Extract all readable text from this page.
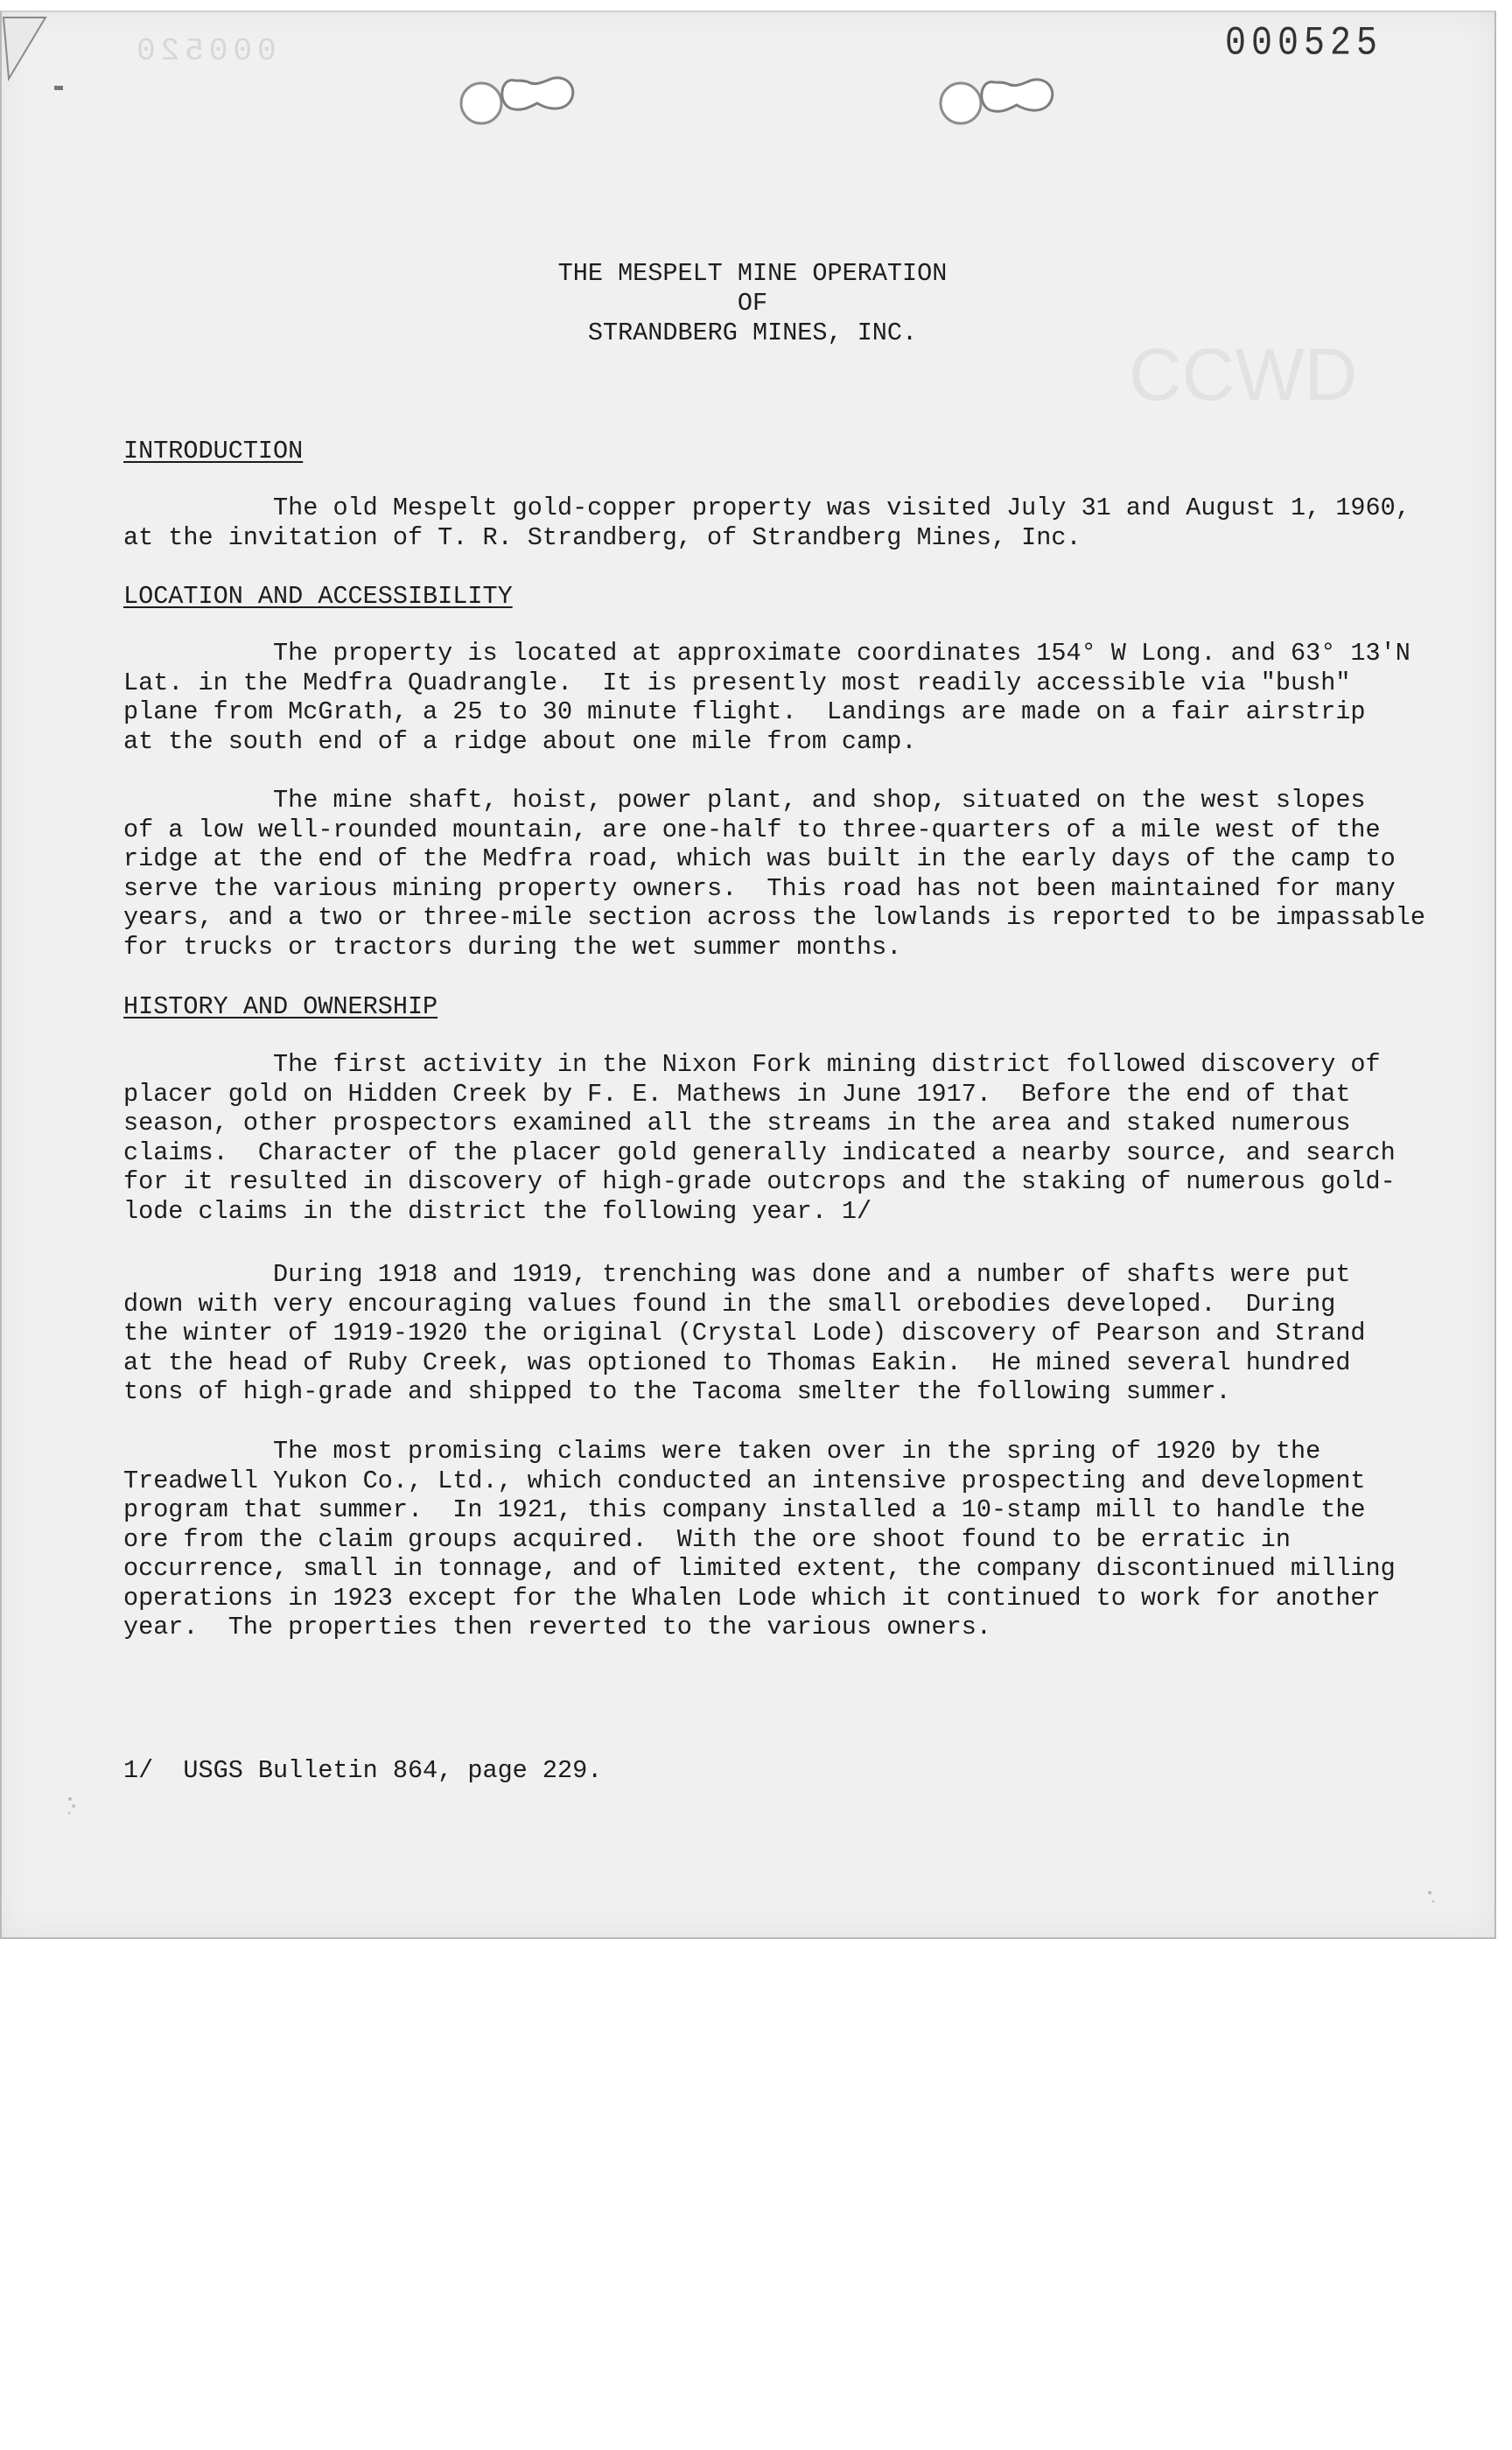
000520	000525
CCWD
THE MESPELT MINE OPERATION
OF
STRANDBERG MINES, INC.
INTRODUCTION
The old Mespelt gold-copper property was visited July 31 and August 1, 1960,
at the invitation of T. R. Strandberg, of Strandberg Mines, Inc.
LOCATION AND ACCESSIBILITY
The property is located at approximate coordinates 154° W Long. and 63° 13'N
Lat. in the Medfra Quadrangle.  It is presently most readily accessible via "bush"
plane from McGrath, a 25 to 30 minute flight.  Landings are made on a fair airstrip
at the south end of a ridge about one mile from camp.
The mine shaft, hoist, power plant, and shop, situated on the west slopes
of a low well-rounded mountain, are one-half to three-quarters of a mile west of the
ridge at the end of the Medfra road, which was built in the early days of the camp to
serve the various mining property owners.  This road has not been maintained for many
years, and a two or three-mile section across the lowlands is reported to be impassable
for trucks or tractors during the wet summer months.
HISTORY AND OWNERSHIP
The first activity in the Nixon Fork mining district followed discovery of
placer gold on Hidden Creek by F. E. Mathews in June 1917.  Before the end of that
season, other prospectors examined all the streams in the area and staked numerous
claims.  Character of the placer gold generally indicated a nearby source, and search
for it resulted in discovery of high-grade outcrops and the staking of numerous gold-
lode claims in the district the following year. 1/
During 1918 and 1919, trenching was done and a number of shafts were put
down with very encouraging values found in the small orebodies developed.  During
the winter of 1919-1920 the original (Crystal Lode) discovery of Pearson and Strand
at the head of Ruby Creek, was optioned to Thomas Eakin.  He mined several hundred
tons of high-grade and shipped to the Tacoma smelter the following summer.
The most promising claims were taken over in the spring of 1920 by the
Treadwell Yukon Co., Ltd., which conducted an intensive prospecting and development
program that summer.  In 1921, this company installed a 10-stamp mill to handle the
ore from the claim groups acquired.  With the ore shoot found to be erratic in
occurrence, small in tonnage, and of limited extent, the company discontinued milling
operations in 1923 except for the Whalen Lode which it continued to work for another
year.  The properties then reverted to the various owners.
1/  USGS Bulletin 864, page 229.
